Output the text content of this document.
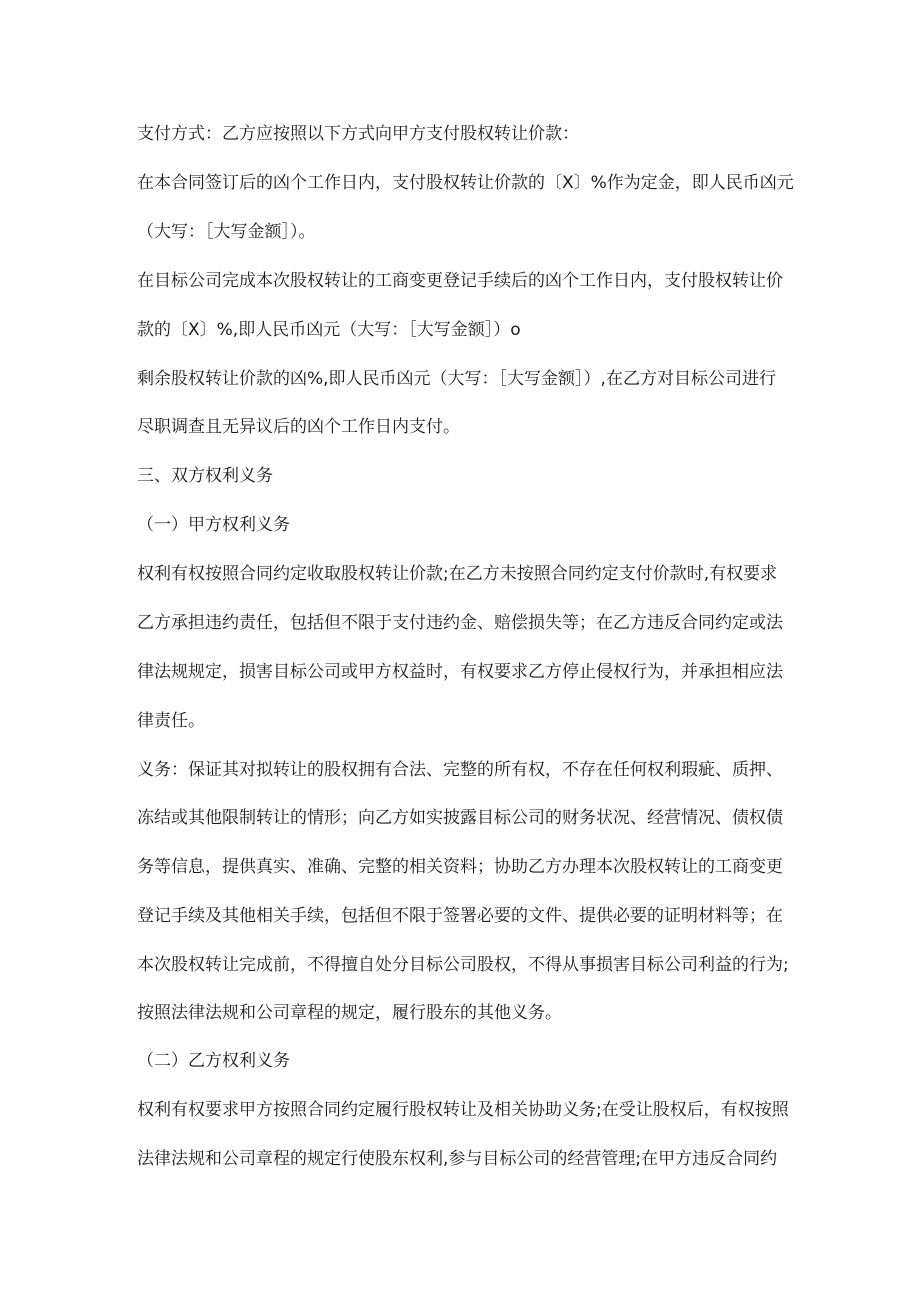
支付方式：乙方应按照以下方式向甲方支付股权转让价款：
在本合同签订后的凶个工作日内，支付股权转让价款的〔X〕%作为定金，即人民币凶元
（大写：［大写金额］）。
在目标公司完成本次股权转让的工商变更登记手续后的凶个工作日内，支付股权转让价
款的〔X〕%,即人民币凶元（大写：［大写金额］）o
剩余股权转让价款的凶%,即人民币凶元（大写：［大写金额］）,在乙方对目标公司进行
尽职调查且无异议后的凶个工作日内支付。
三、双方权利义务
（一）甲方权利义务
权利有权按照合同约定收取股权转让价款;在乙方未按照合同约定支付价款时,有权要求
乙方承担违约责任，包括但不限于支付违约金、赔偿损失等；在乙方违反合同约定或法
律法规规定，损害目标公司或甲方权益时，有权要求乙方停止侵权行为，并承担相应法
律责任。
义务：保证其对拟转让的股权拥有合法、完整的所有权，不存在任何权利瑕疵、质押、
冻结或其他限制转让的情形；向乙方如实披露目标公司的财务状况、经营情况、债权债
务等信息，提供真实、准确、完整的相关资料；协助乙方办理本次股权转让的工商变更
登记手续及其他相关手续，包括但不限于签署必要的文件、提供必要的证明材料等；在
本次股权转让完成前，不得擅自处分目标公司股权，不得从事损害目标公司利益的行为;
按照法律法规和公司章程的规定，履行股东的其他义务。
（二）乙方权利义务
权利有权要求甲方按照合同约定履行股权转让及相关协助义务;在受让股权后，有权按照
法律法规和公司章程的规定行使股东权利,参与目标公司的经营管理;在甲方违反合同约
